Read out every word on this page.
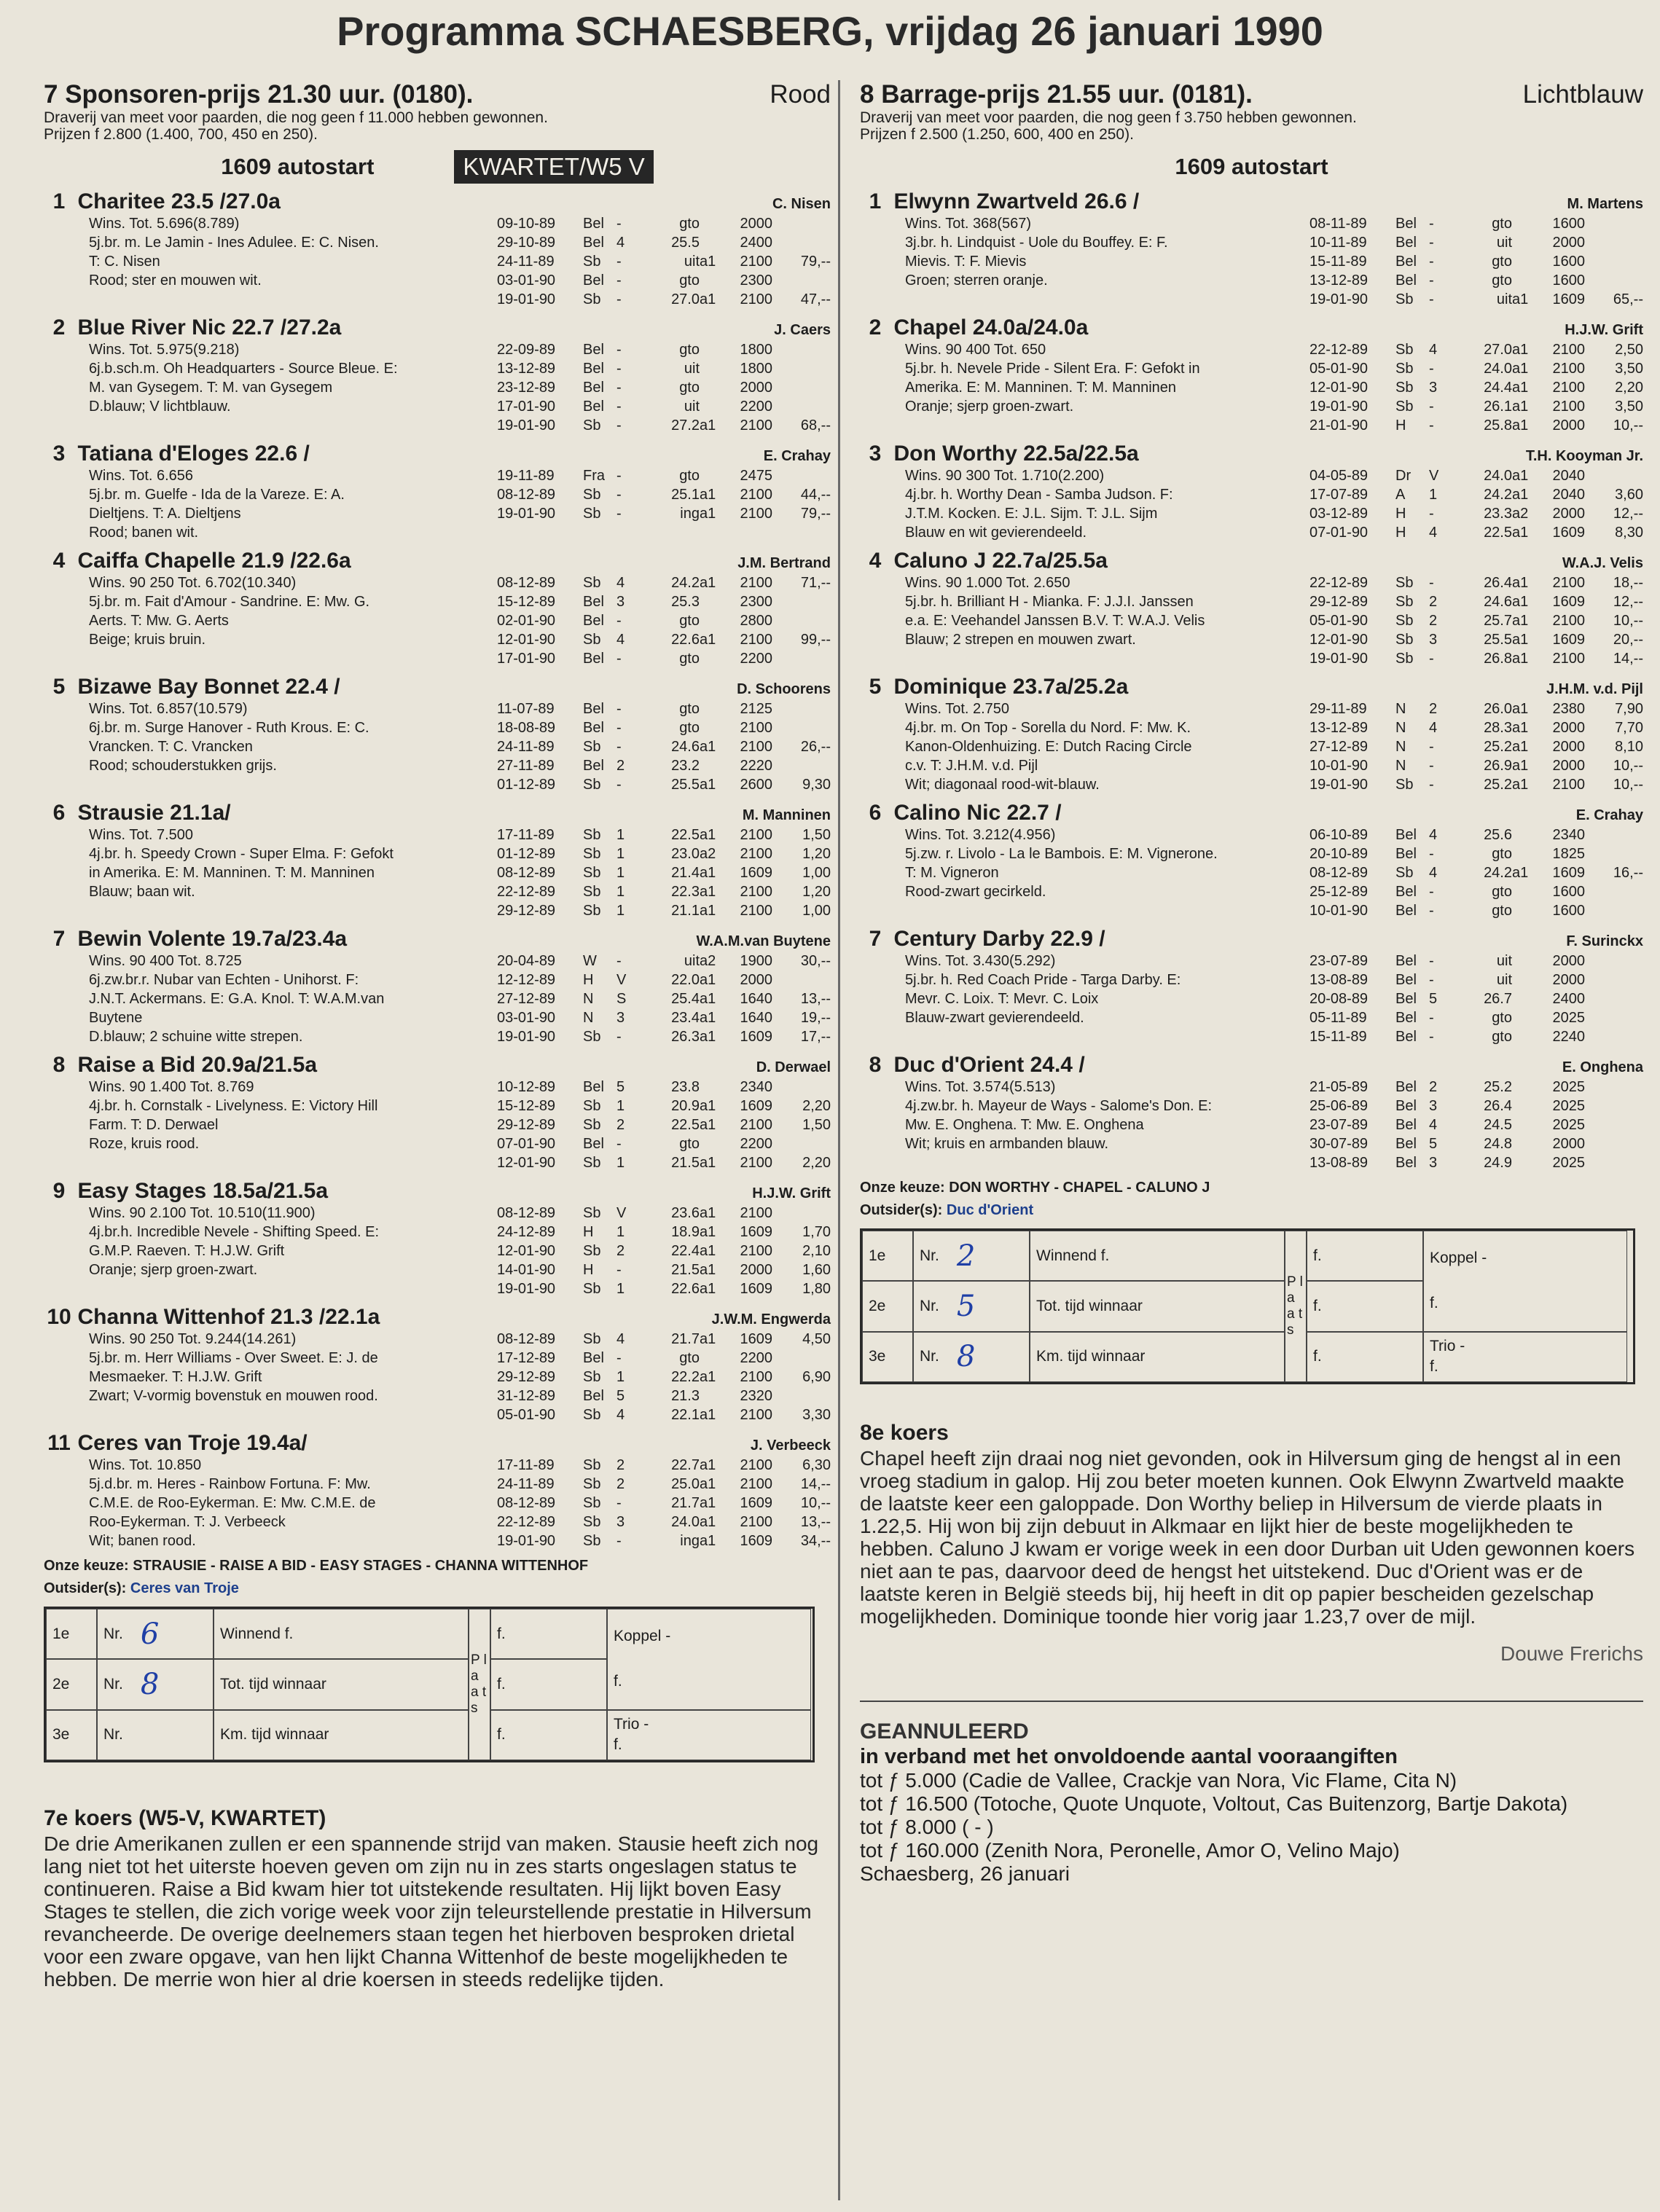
Programma SCHAESBERG, vrijdag 26 januari 1990
7 Sponsoren-prijs 21.30 uur. (0180).	Rood
Draverij van meet voor paarden, die nog geen f 11.000 hebben gewonnen.
Prijzen f 2.800 (1.400, 700, 450 en 250).
1609 autostart	KWARTET/W5 V
1 Charitee 23.5 /27.0a	C. Nisen
Wins. Tot. 5.696(8.789)
5j.br. m. Le Jamin - Ines Adulee. E: C. Nisen.
T: C. Nisen
Rood; ster en mouwen wit.
09-10-89	Bel -	gto	2000
29-10-89	Bel 4	25.5	2400
24-11-89	Sb	-	uit a1	2100	79,--
03-01-90	Bel -	gto	2300
19-01-90	Sb	-	27.0 a1	2100	47,--
2 Blue River Nic 22.7 /27.2a	J. Caers
Wins. Tot. 5.975(9.218)
6j.b.sch.m. Oh Headquarters - Source Bleue. E:
M. van Gysegem. T: M. van Gysegem
D.blauw; V lichtblauw.
22-09-89	Bel -	gto	1800
13-12-89	Bel -	uit	1800
23-12-89	Bel -	gto	2000
17-01-90	Bel -	uit	2200
19-01-90	Sb	-	27.2 a1	2100	68,--
3 Tatiana d'Eloges 22.6 /	E. Crahay
Wins. Tot. 6.656
5j.br. m. Guelfe - Ida de la Vareze. E: A.
Dieltjens. T: A. Dieltjens
Rood; banen wit.
19-11-89	Fra -	gto	2475
08-12-89	Sb	-	25.1 a1	2100	44,--
19-01-90	Sb	-	ing a1	2100	79,--
4 Caiffa Chapelle 21.9 /22.6a	J.M. Bertrand
Wins. 90 250 Tot. 6.702(10.340)
5j.br. m. Fait d'Amour - Sandrine. E: Mw. G.
Aerts. T: Mw. G. Aerts
Beige; kruis bruin.
08-12-89	Sb	4	24.2 a1	2100	71,--
15-12-89	Bel 3	25.3	2300
02-01-90	Bel -	gto	2800
12-01-90	Sb	4	22.6 a1	2100	99,--
17-01-90	Bel -	gto	2200
5 Bizawe Bay Bonnet 22.4 /	D. Schoorens
Wins. Tot. 6.857(10.579)
6j.br. m. Surge Hanover - Ruth Krous. E: C.
Vrancken. T: C. Vrancken
Rood; schouderstukken grijs.
11-07-89	Bel -	gto	2125
18-08-89	Bel -	gto	2100
24-11-89	Sb	-	24.6 a1	2100	26,--
27-11-89	Bel 2	23.2	2220
01-12-89	Sb	-	25.5 a1	2600	9,30
6 Strausie 21.1a/	M. Manninen
Wins. Tot. 7.500
4j.br. h. Speedy Crown - Super Elma. F: Gefokt
in Amerika. E: M. Manninen. T: M. Manninen
Blauw; baan wit.
17-11-89	Sb	1	22.5 a1	2100	1,50
01-12-89	Sb	1	23.0 a2	2100	1,20
08-12-89	Sb	1	21.4 a1	1609	1,00
22-12-89	Sb	1	22.3 a1	2100	1,20
29-12-89	Sb	1	21.1 a1	2100	1,00
7 Bewin Volente 19.7a/23.4a	W.A.M.van Buytene
Wins. 90 400 Tot. 8.725
6j.zw.br.r. Nubar van Echten - Unihorst. F:
J.N.T. Ackermans. E: G.A. Knol. T: W.A.M.van
Buytene
D.blauw; 2 schuine witte strepen.
20-04-89	W	-	uit a2	1900	30,--
12-12-89	H	V	22.0 a1	2000
27-12-89	N	S	25.4 a1	1640	13,--
03-01-90	N	3	23.4 a1	1640	19,--
19-01-90	Sb	-	26.3 a1	1609	17,--
8 Raise a Bid 20.9a/21.5a	D. Derwael
Wins. 90 1.400 Tot. 8.769
4j.br. h. Cornstalk - Livelyness. E: Victory Hill
Farm. T: D. Derwael
Roze, kruis rood.
10-12-89	Bel 5	23.8	2340
15-12-89	Sb	1	20.9 a1	1609	2,20
29-12-89	Sb	2	22.5 a1	2100	1,50
07-01-90	Bel -	gto	2200
12-01-90	Sb	1	21.5 a1	2100	2,20
9 Easy Stages 18.5a/21.5a	H.J.W. Grift
Wins. 90 2.100 Tot. 10.510(11.900)
4j.br.h. Incredible Nevele - Shifting Speed. E:
G.M.P. Raeven. T: H.J.W. Grift
Oranje; sjerp groen-zwart.
08-12-89	Sb	V	23.6 a1	2100
24-12-89	H	1	18.9 a1	1609	1,70
12-01-90	Sb	2	22.4 a1	2100	2,10
14-01-90	H	-	21.5 a1	2000	1,60
19-01-90	Sb	1	22.6 a1	1609	1,80
10 Channa Wittenhof 21.3 /22.1a	J.W.M. Engwerda
Wins. 90 250 Tot. 9.244(14.261)
5j.br. m. Herr Williams - Over Sweet. E: J. de
Mesmaeker. T: H.J.W. Grift
Zwart; V-vormig bovenstuk en mouwen rood.
08-12-89	Sb	4	21.7 a1	1609	4,50
17-12-89	Bel -	gto	2200
29-12-89	Sb	1	22.2 a1	2100	6,90
31-12-89	Bel 5	21.3	2320
05-01-90	Sb	4	22.1 a1	2100	3,30
11 Ceres van Troje 19.4a/	J. Verbeeck
Wins. Tot. 10.850
5j.d.br. m. Heres - Rainbow Fortuna. F: Mw.
C.M.E. de Roo-Eykerman. E: Mw. C.M.E. de
Roo-Eykerman. T: J. Verbeeck
Wit; banen rood.
17-11-89	Sb	2	22.7 a1	2100	6,30
24-11-89	Sb	2	25.0 a1	2100	14,--
08-12-89	Sb	-	21.7 a1	1609	10,--
22-12-89	Sb	3	24.0 a1	2100	13,--
19-01-90	Sb	-	ing a1	1609	34,--
Onze keuze: STRAUSIE - RAISE A BID - EASY STAGES - CHANNA WITTENHOF
Outsider(s): Ceres van Troje
1e	Nr. 6	Winnend f.	f.
2e	Nr. 8	Tot. tijd winnaar	f.
3e	Nr.	Km. tijd winnaar	f.
P l a a t s
Koppel -
f.
Trio -
f.
7e koers (W5-V, KWARTET)

De drie Amerikanen zullen er een spannende strijd van maken. Stausie heeft zich nog lang niet tot het uiterste hoeven geven om zijn nu in zes starts ongeslagen status te continueren. Raise a Bid kwam hier tot uitstekende resultaten. Hij lijkt boven Easy Stages te stellen, die zich vorige week voor zijn teleurstellende prestatie in Hilversum revancheerde. De overige deelnemers staan tegen het hierboven besproken drietal voor een zware opgave, van hen lijkt Channa Wittenhof de beste mogelijkheden te hebben. De merrie won hier al drie koersen in steeds redelijke tijden.

8 Barrage-prijs 21.55 uur. (0181).	Lichtblauw
Draverij van meet voor paarden, die nog geen f 3.750 hebben gewonnen.
Prijzen f 2.500 (1.250, 600, 400 en 250).
1609 autostart
1 Elwynn Zwartveld 26.6 /	M. Martens
Wins. Tot. 368(567)
3j.br. h. Lindquist - Uole du Bouffey. E: F.
Mievis. T: F. Mievis
Groen; sterren oranje.
08-11-89	Bel -	gto	1600
10-11-89	Bel -	uit	2000
15-11-89	Bel -	gto	1600
13-12-89	Bel -	gto	1600
19-01-90	Sb	-	uit a1	1609	65,--
2 Chapel 24.0a/24.0a	H.J.W. Grift
Wins. 90 400 Tot. 650
5j.br. h. Nevele Pride - Silent Era. F: Gefokt in
Amerika. E: M. Manninen. T: M. Manninen
Oranje; sjerp groen-zwart.
22-12-89	Sb	4	27.0 a1	2100	2,50
05-01-90	Sb	-	24.0 a1	2100	3,50
12-01-90	Sb	3	24.4 a1	2100	2,20
19-01-90	Sb	-	26.1 a1	2100	3,50
21-01-90	H	-	25.8 a1	2000	10,--
3 Don Worthy 22.5a/22.5a	T.H. Kooyman Jr.
Wins. 90 300 Tot. 1.710(2.200)
4j.br. h. Worthy Dean - Samba Judson. F:
J.T.M. Kocken. E: J.L. Sijm. T: J.L. Sijm
Blauw en wit gevierendeeld.
04-05-89	Dr	V	24.0 a1	2040
17-07-89	A	1	24.2 a1	2040	3,60
03-12-89	H	-	23.3 a2	2000	12,--
07-01-90	H	4	22.5 a1	1609	8,30
4 Caluno J 22.7a/25.5a	W.A.J. Velis
Wins. 90 1.000 Tot. 2.650
5j.br. h. Brilliant H - Mianka. F: J.J.I. Janssen
e.a. E: Veehandel Janssen B.V. T: W.A.J. Velis
Blauw; 2 strepen en mouwen zwart.
22-12-89	Sb	-	26.4 a1	2100	18,--
29-12-89	Sb	2	24.6 a1	1609	12,--
05-01-90	Sb	2	25.7 a1	2100	10,--
12-01-90	Sb	3	25.5 a1	1609	20,--
19-01-90	Sb	-	26.8 a1	2100	14,--
5 Dominique 23.7a/25.2a	J.H.M. v.d. Pijl
Wins. Tot. 2.750
4j.br. m. On Top - Sorella du Nord. F: Mw. K.
Kanon-Oldenhuizing. E: Dutch Racing Circle
c.v. T: J.H.M. v.d. Pijl
Wit; diagonaal rood-wit-blauw.
29-11-89	N	2	26.0 a1	2380	7,90
13-12-89	N	4	28.3 a1	2000	7,70
27-12-89	N	-	25.2 a1	2000	8,10
10-01-90	N	-	26.9 a1	2000	10,--
19-01-90	Sb	-	25.2 a1	2100	10,--
6 Calino Nic 22.7 /	E. Crahay
Wins. Tot. 3.212(4.956)
5j.zw. r. Livolo - La le Bambois. E: M. Vignerone.
T: M. Vigneron
Rood-zwart gecirkeld.
06-10-89	Bel 4	25.6	2340
20-10-89	Bel -	gto	1825
08-12-89	Sb	4	24.2 a1	1609	16,--
25-12-89	Bel -	gto	1600
10-01-90	Bel -	gto	1600
7 Century Darby 22.9 /	F. Surinckx
Wins. Tot. 3.430(5.292)
5j.br. h. Red Coach Pride - Targa Darby. E:
Mevr. C. Loix. T: Mevr. C. Loix
Blauw-zwart gevierendeeld.
23-07-89	Bel -	uit	2000
13-08-89	Bel -	uit	2000
20-08-89	Bel 5	26.7	2400
05-11-89	Bel -	gto	2025
15-11-89	Bel -	gto	2240
8 Duc d'Orient 24.4 /	E. Onghena
Wins. Tot. 3.574(5.513)
4j.zw.br. h. Mayeur de Ways - Salome's Don. E:
Mw. E. Onghena. T: Mw. E. Onghena
Wit; kruis en armbanden blauw.
21-05-89	Bel 2	25.2	2025
25-06-89	Bel 3	26.4	2025
23-07-89	Bel 4	24.5	2025
30-07-89	Bel 5	24.8	2000
13-08-89	Bel 3	24.9	2025
Onze keuze: DON WORTHY - CHAPEL - CALUNO J
Outsider(s): Duc d'Orient
1e	Nr. 2	Winnend f.	f.
2e	Nr. 5	Tot. tijd winnaar	f.
3e	Nr. 8	Km. tijd winnaar	f.
P l a a t s
Koppel -
f.
Trio -
f.
8e koers

Chapel heeft zijn draai nog niet gevonden, ook in Hilversum ging de hengst al in een vroeg stadium in galop. Hij zou beter moeten kunnen. Ook Elwynn Zwartveld maakte de laatste keer een galoppade. Don Worthy beliep in Hilversum de vierde plaats in 1.22,5. Hij won bij zijn debuut in Alkmaar en lijkt hier de beste mogelijkheden te hebben. Caluno J kwam er vorige week in een door Durban uit Uden gewonnen koers niet aan te pas, daarvoor deed de hengst het uitstekend. Duc d'Orient was er de laatste keren in België steeds bij, hij heeft in dit op papier bescheiden gezelschap mogelijkheden. Dominique toonde hier vorig jaar 1.23,7 over de mijl.

Douwe Frerichs
GEANNULEERD
in verband met het onvoldoende aantal vooraangiften

tot ƒ 5.000 (Cadie de Vallee, Crackje van Nora, Vic Flame, Cita N)

tot ƒ 16.500 (Totoche, Quote Unquote, Voltout, Cas Buitenzorg, Bartje Dakota)

tot ƒ 8.000 ( - )

tot ƒ 160.000 (Zenith Nora, Peronelle, Amor O, Velino Majo)

Schaesberg, 26 januari
